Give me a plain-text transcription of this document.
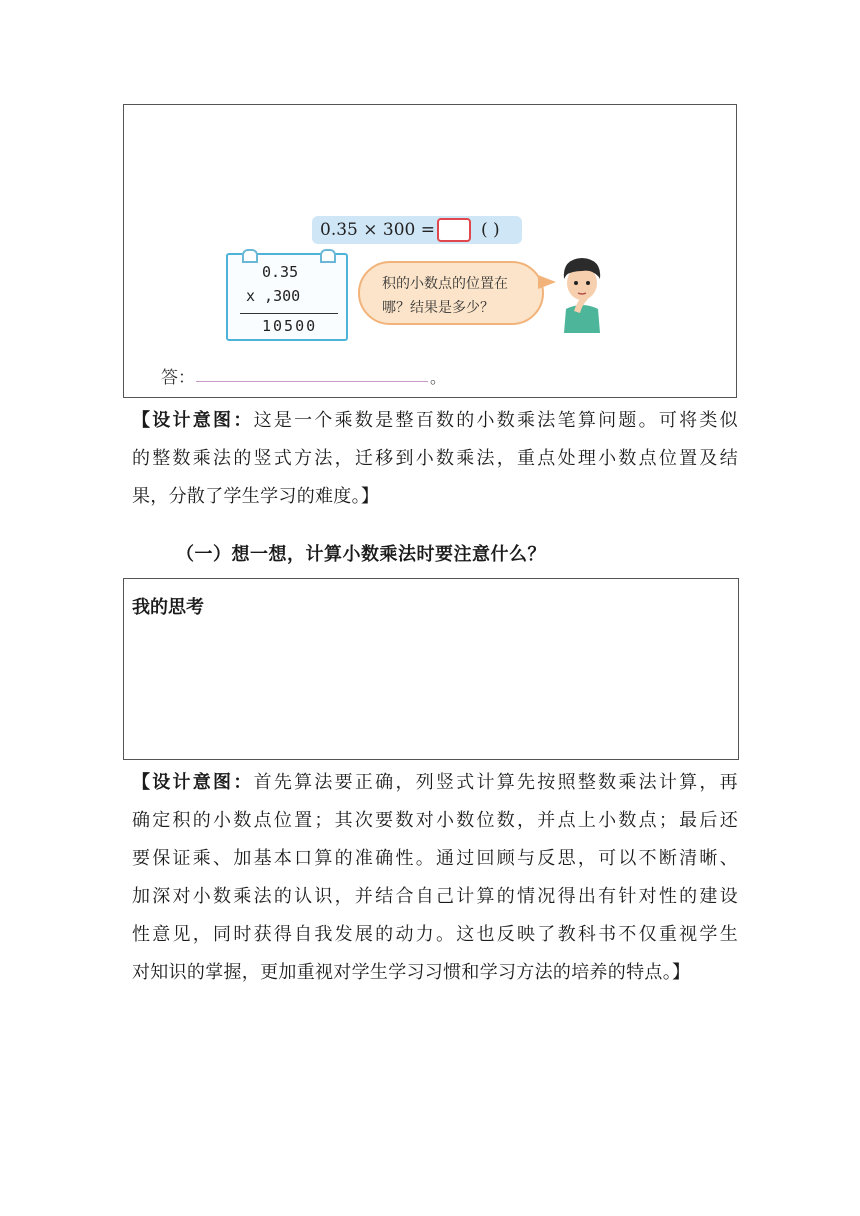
0.35 × 300 =	( )
0.35
x ,300
10500
积的小数点的位置在
哪？结果是多少？
答：	。
【设计意图：这是一个乘数是整百数的小数乘法笔算问题。可将类似
的整数乘法的竖式方法，迁移到小数乘法，重点处理小数点位置及结
果，分散了学生学习的难度。】
（一）想一想，计算小数乘法时要注意什么？
我的思考
【设计意图：首先算法要正确，列竖式计算先按照整数乘法计算，再
确定积的小数点位置；其次要数对小数位数，并点上小数点；最后还
要保证乘、加基本口算的准确性。通过回顾与反思，可以不断清晰、
加深对小数乘法的认识，并结合自己计算的情况得出有针对性的建设
性意见，同时获得自我发展的动力。这也反映了教科书不仅重视学生
对知识的掌握，更加重视对学生学习习惯和学习方法的培养的特点。】
